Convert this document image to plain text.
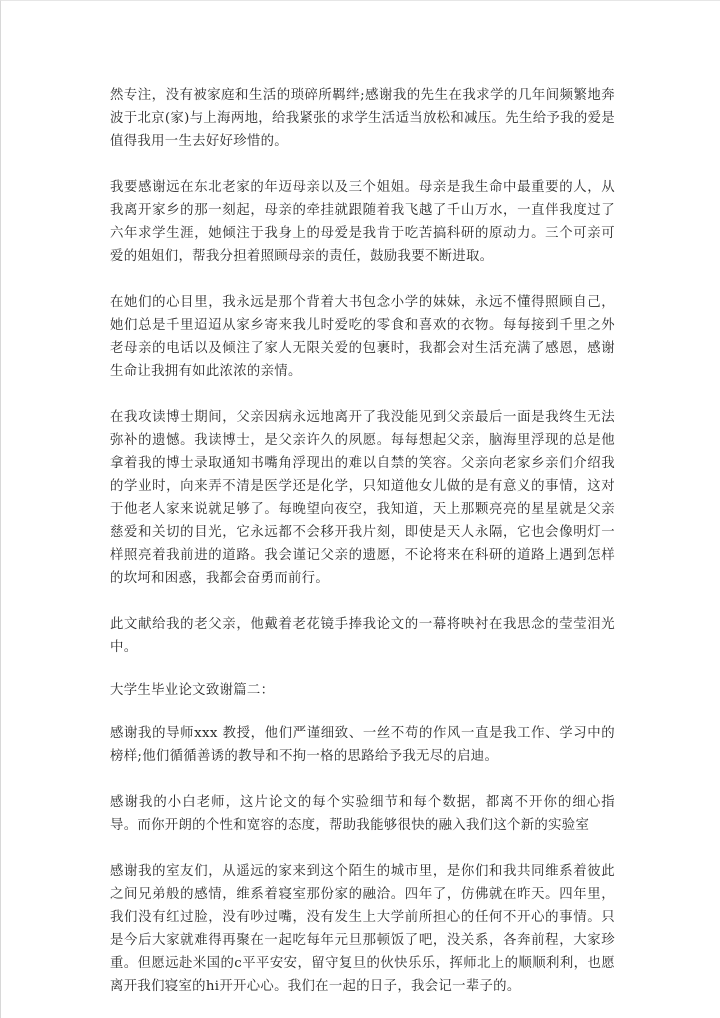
然专注，没有被家庭和生活的琐碎所羁绊;感谢我的先生在我求学的几年间频繁地奔波于北京(家)与上海两地，给我紧张的求学生活适当放松和减压。先生给予我的爱是值得我用一生去好好珍惜的。

我要感谢远在东北老家的年迈母亲以及三个姐姐。母亲是我生命中最重要的人，从我离开家乡的那一刻起，母亲的牵挂就跟随着我飞越了千山万水，一直伴我度过了六年求学生涯，她倾注于我身上的母爱是我肯于吃苦搞科研的原动力。三个可亲可爱的姐姐们，帮我分担着照顾母亲的责任，鼓励我要不断进取。

在她们的心目里，我永远是那个背着大书包念小学的妹妹，永远不懂得照顾自己，她们总是千里迢迢从家乡寄来我儿时爱吃的零食和喜欢的衣物。每每接到千里之外老母亲的电话以及倾注了家人无限关爱的包裹时，我都会对生活充满了感恩，感谢生命让我拥有如此浓浓的亲情。

在我攻读博士期间，父亲因病永远地离开了我没能见到父亲最后一面是我终生无法弥补的遗憾。我读博士，是父亲许久的夙愿。每每想起父亲，脑海里浮现的总是他拿着我的博士录取通知书嘴角浮现出的难以自禁的笑容。父亲向老家乡亲们介绍我的学业时，向来弄不清是医学还是化学，只知道他女儿做的是有意义的事情，这对于他老人家来说就足够了。每晚望向夜空，我知道，天上那颗亮亮的星星就是父亲慈爱和关切的目光，它永远都不会移开我片刻，即使是天人永隔，它也会像明灯一样照亮着我前进的道路。我会谨记父亲的遗愿，不论将来在科研的道路上遇到怎样的坎坷和困惑，我都会奋勇而前行。

此文献给我的老父亲，他戴着老花镜手捧我论文的一幕将映衬在我思念的莹莹泪光中。

大学生毕业论文致谢篇二：

感谢我的导师xxx 教授，他们严谨细致、一丝不苟的作风一直是我工作、学习中的榜样;他们循循善诱的教导和不拘一格的思路给予我无尽的启迪。

感谢我的小白老师，这片论文的每个实验细节和每个数据，都离不开你的细心指导。而你开朗的个性和宽容的态度，帮助我能够很快的融入我们这个新的实验室

感谢我的室友们，从遥远的家来到这个陌生的城市里，是你们和我共同维系着彼此之间兄弟般的感情，维系着寝室那份家的融洽。四年了，仿佛就在昨天。四年里，我们没有红过脸，没有吵过嘴，没有发生上大学前所担心的任何不开心的事情。只是今后大家就难得再聚在一起吃每年元旦那顿饭了吧，没关系，各奔前程，大家珍重。但愿远赴米国的c平平安安，留守复旦的伙快乐乐，挥师北上的顺顺利利，也愿离开我们寝室的hi开开心心。我们在一起的日子，我会记一辈子的。
